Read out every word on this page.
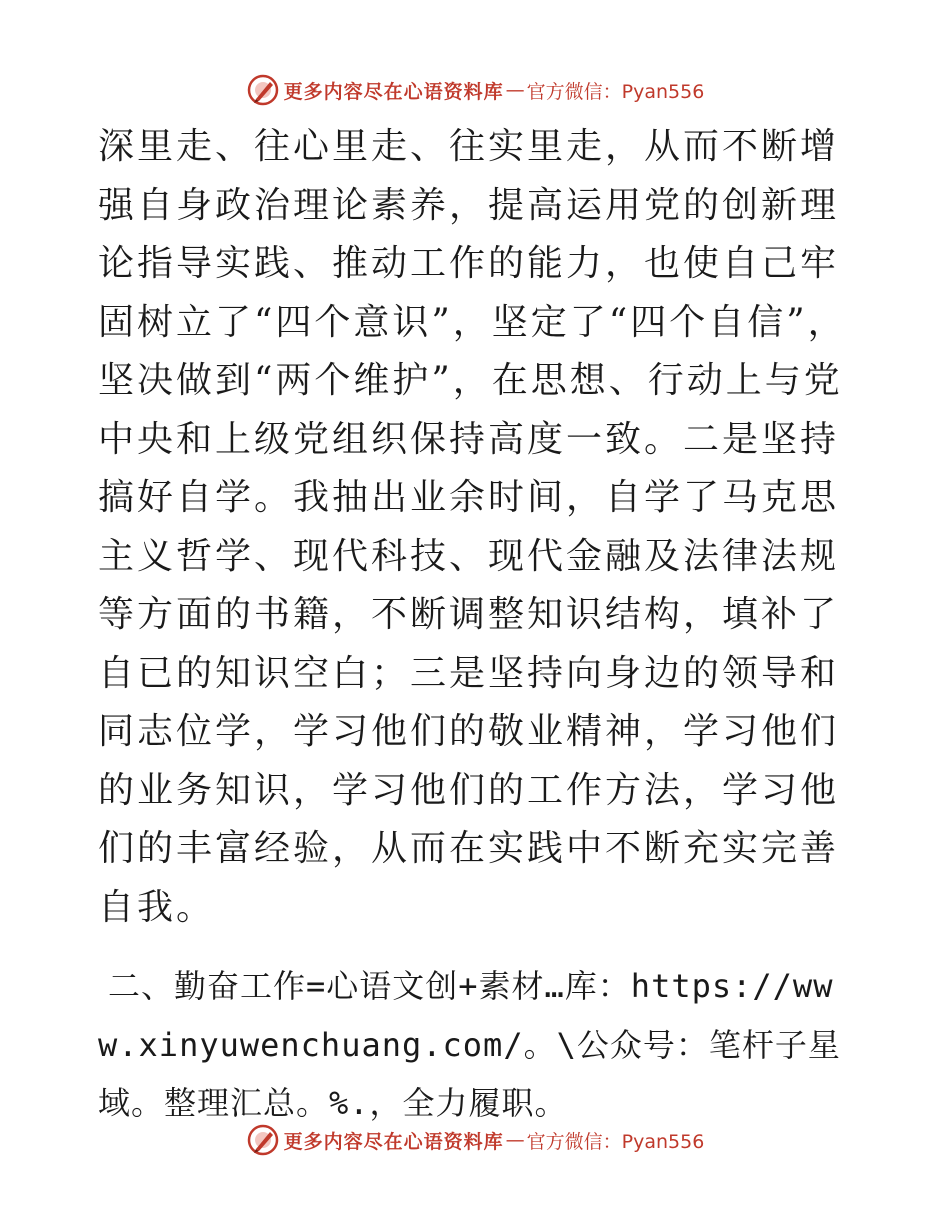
更多内容尽在心语资料库 — 官方微信：Pyan556

深里走、往心里走、往实里走，从而不断增强自身政治理论素养，提高运用党的创新理论指导实践、推动工作的能力，也使自己牢固树立了“四个意识”，坚定了“四个自信”，坚决做到“两个维护”，在思想、行动上与党中央和上级党组织保持高度一致。二是坚持搞好自学。我抽出业余时间，自学了马克思主义哲学、现代科技、现代金融及法律法规等方面的书籍，不断调整知识结构，填补了自已的知识空白；三是坚持向身边的领导和同志位学，学习他们的敬业精神，学习他们的业务知识，学习他们的工作方法，学习他们的丰富经验，从而在实践中不断充实完善自我。

二、勤奋工作=心语文创+素材…库：https://www.xinyuwenchuang.com/。\公众号：笔杆子星域。整理汇总。%.，全力履职。

更多内容尽在心语资料库 — 官方微信：Pyan556
